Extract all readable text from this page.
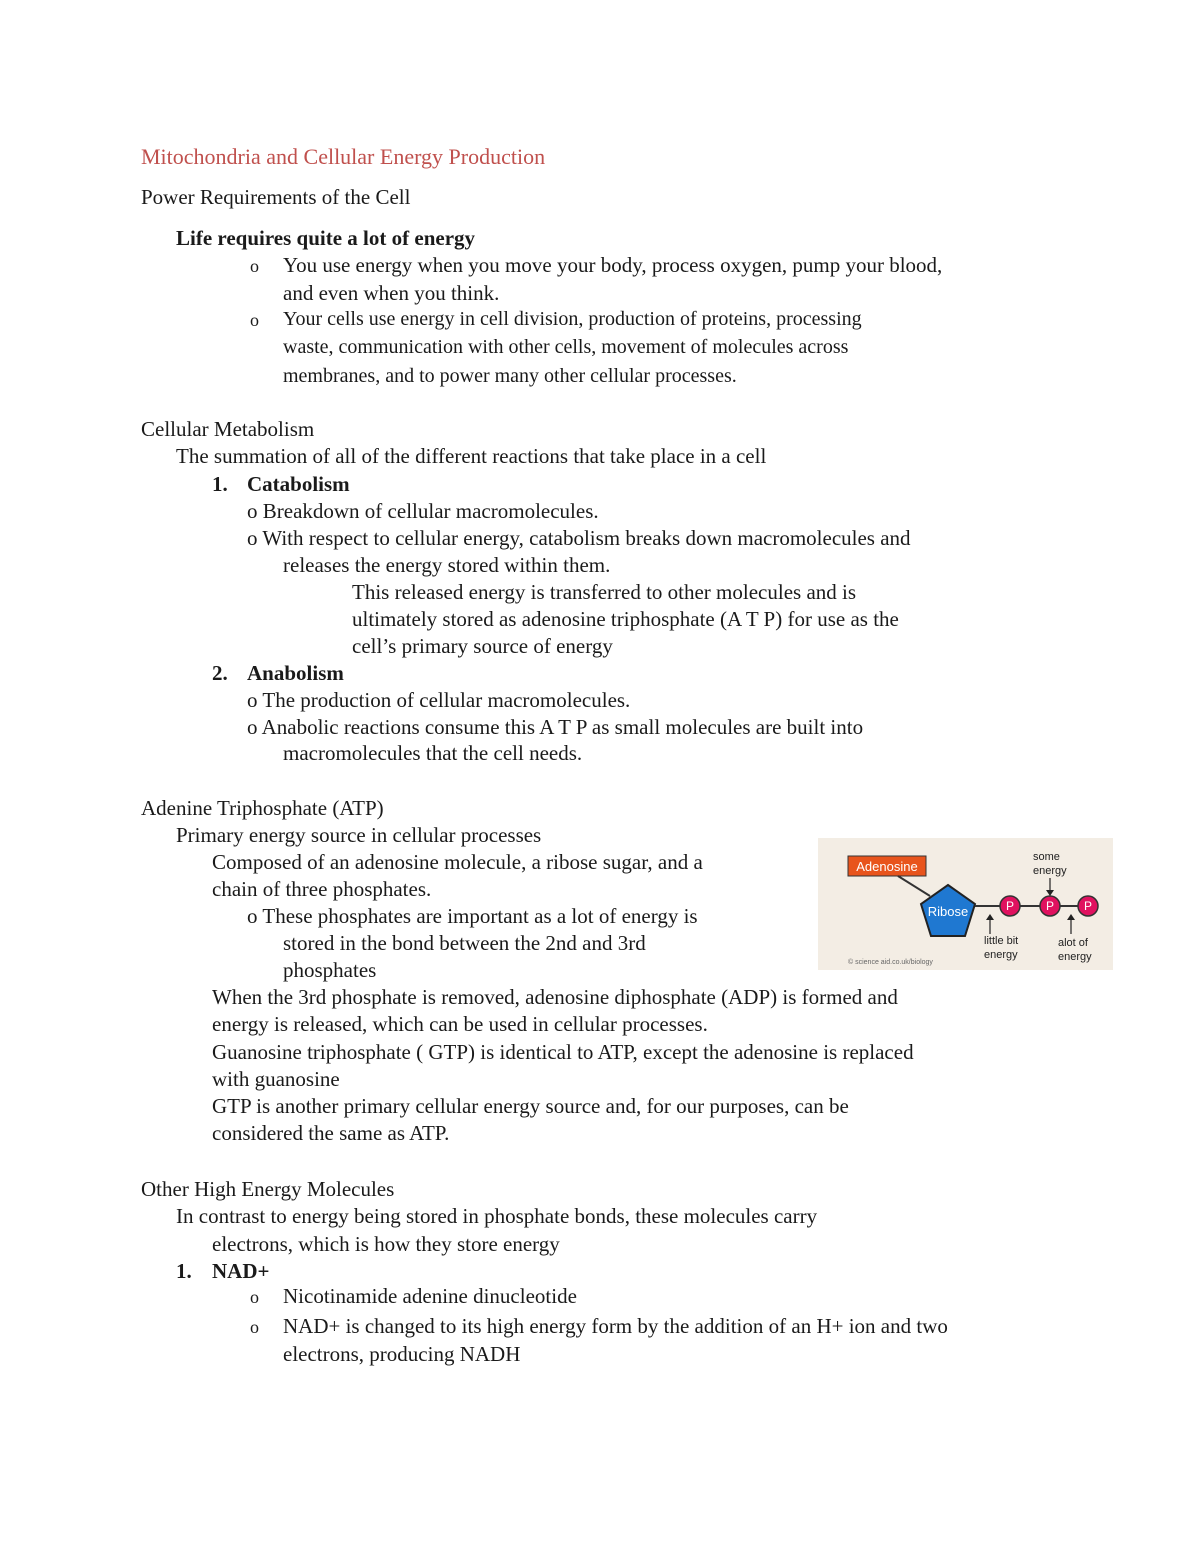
Mitochondria and Cellular Energy Production
Power Requirements of the Cell
Life requires quite a lot of energy
o You use energy when you move your body, process oxygen, pump your blood,
and even when you think.
o Your cells use energy in cell division, production of proteins, processing
waste, communication with other cells, movement of molecules across
membranes, and to power many other cellular processes.
Cellular Metabolism
The summation of all of the different reactions that take place in a cell
1. Catabolism
o Breakdown of cellular macromolecules.
o With respect to cellular energy, catabolism breaks down macromolecules and
releases the energy stored within them.
This released energy is transferred to other molecules and is
ultimately stored as adenosine triphosphate (A T P) for use as the
cell’s primary source of energy
2. Anabolism
o The production of cellular macromolecules.
o Anabolic reactions consume this A T P as small molecules are built into
macromolecules that the cell needs.
Adenine Triphosphate (ATP)
Primary energy source in cellular processes
Composed of an adenosine molecule, a ribose sugar, and a
chain of three phosphates.
o These phosphates are important as a lot of energy is
stored in the bond between the 2nd and 3rd
phosphates
When the 3rd phosphate is removed, adenosine diphosphate (ADP) is formed and
energy is released, which can be used in cellular processes.
Guanosine triphosphate ( GTP) is identical to ATP, except the adenosine is replaced
with guanosine
GTP is another primary cellular energy source and, for our purposes, can be
considered the same as ATP.
Adenosine
Ribose	P	P P
some
energy
little bit
energy
alot of
energy
© science aid.co.uk/biology
Other High Energy Molecules
In contrast to energy being stored in phosphate bonds, these molecules carry
electrons, which is how they store energy
1. NAD+
o Nicotinamide adenine dinucleotide
o NAD+ is changed to its high energy form by the addition of an H+ ion and two
electrons, producing NADH
